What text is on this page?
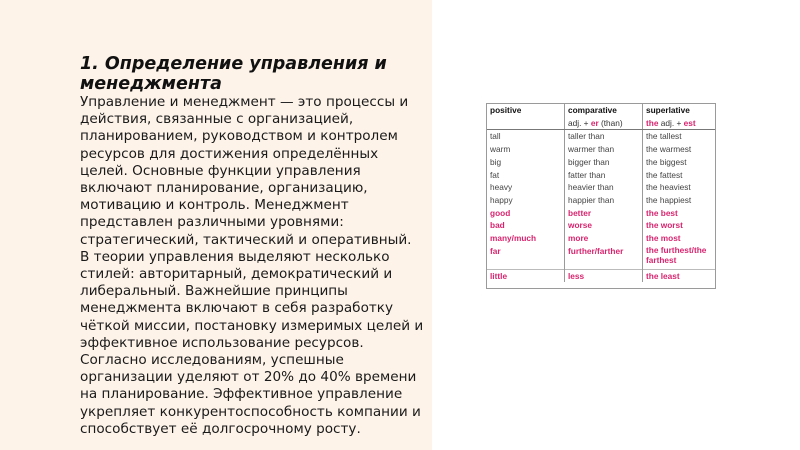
1. Определение управления и менеджмента

Управление и менеджмент — это процессы и действия, связанные с организацией, планированием, руководством и контролем ресурсов для достижения определённых целей. Основные функции управления включают планирование, организацию, мотивацию и контроль. Менеджмент представлен различными уровнями: стратегический, тактический и оперативный. В теории управления выделяют несколько стилей: авторитарный, демократический и либеральный. Важнейшие принципы менеджмента включают в себя разработку чёткой миссии, постановку измеримых целей и эффективное использование ресурсов. Согласно исследованиям, успешные организации уделяют от 20% до 40% времени на планирование. Эффективное управление укрепляет конкурентоспособность компании и способствует её долгосрочному росту.

positive	comparative	superlative
	adj. + er (than)	the adj. + est
tall	taller than	the tallest
warm	warmer than	the warmest
big	bigger than	the biggest
fat	fatter than	the fattest
heavy	heavier than	the heaviest
happy	happier than	the happiest
good	better	the best
bad	worse	the worst
many/much	more	the most
far	further/farther	the furthest/the farthest
little	less	the least
